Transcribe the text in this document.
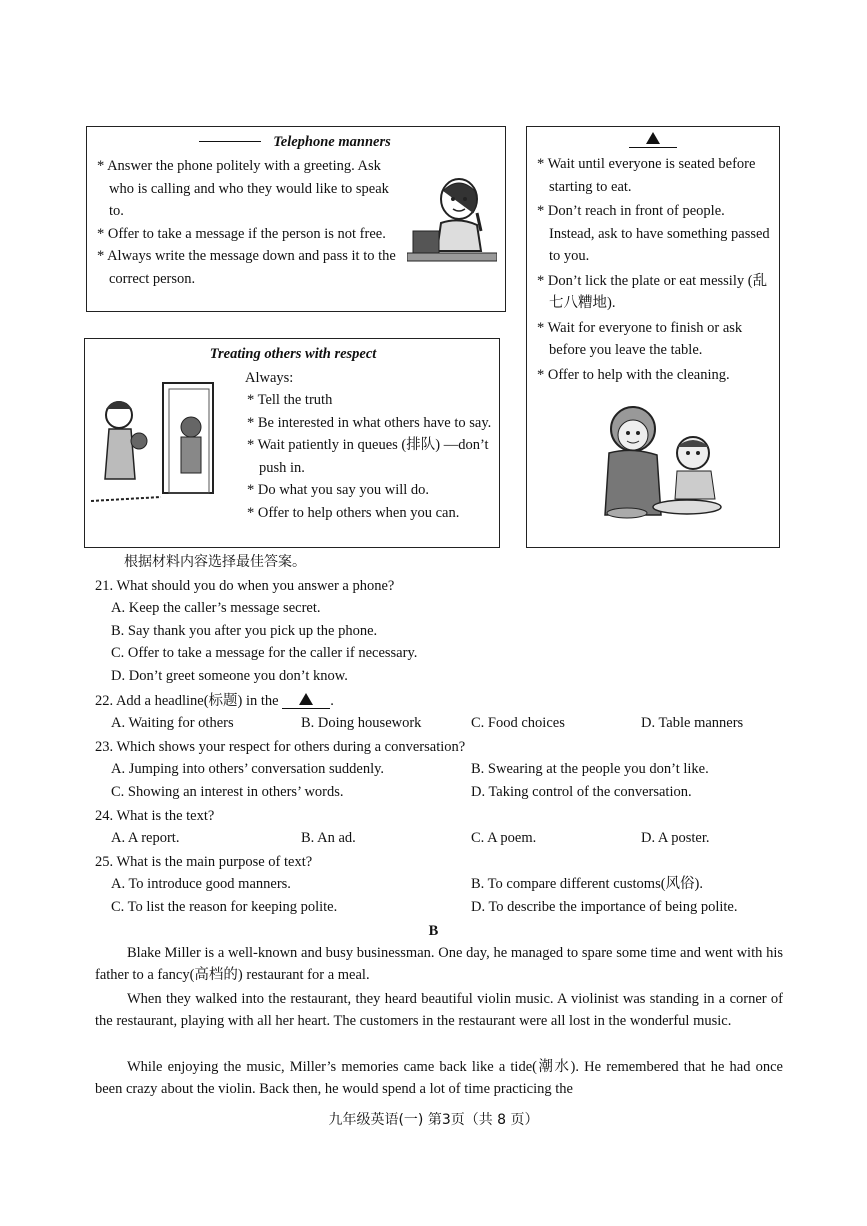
Telephone manners

* Answer the phone politely with a greeting. Ask who is calling and who they would like to speak to.

* Offer to take a message if the person is not free.

* Always write the message down and pass it to the correct person.

Treating others with respect
Always:

* Tell the truth

* Be interested in what others have to say.

* Wait patiently in queues (排队) —don’t push in.

* Do what you say you will do.

* Offer to help others when you can.

* Wait until everyone is seated before starting to eat.

* Don’t reach in front of people. Instead, ask to have something passed to you.

* Don’t lick the plate or eat messily (乱七八糟地).

* Wait for everyone to finish or ask before you leave the table.

* Offer to help with the cleaning.

根据材料内容选择最佳答案。
21. What should you do when you answer a phone?
A. Keep the caller’s message secret.
B. Say thank you after you pick up the phone.
C. Offer to take a message for the caller if necessary.
D. Don’t greet someone you don’t know.
22. Add a headline(标题) in the	.
A. Waiting for others	B. Doing housework	C. Food choices	D. Table manners
23. Which shows your respect for others during a conversation?
A. Jumping into others’ conversation suddenly.	B. Swearing at the people you don’t like.
C. Showing an interest in others’ words.	D. Taking control of the conversation.
24. What is the text?
A. A report.	B. An ad.	C. A poem.	D. A poster.
25. What is the main purpose of text?
A. To introduce good manners.	B. To compare different customs(风俗).
C. To list the reason for keeping polite.	D. To describe the importance of being polite.
B
Blake Miller is a well-known and busy businessman. One day, he managed to spare some time and went with his father to a fancy(高档的) restaurant for a meal.
When they walked into the restaurant, they heard beautiful violin music. A violinist was standing in a corner of the restaurant, playing with all her heart. The customers in the restaurant were all lost in the wonderful music.
While enjoying the music, Miller’s memories came back like a tide(潮水). He remembered that he had once been crazy about the violin. Back then, he would spend a lot of time practicing the
九年级英语(一) 第3页（共 8 页）
